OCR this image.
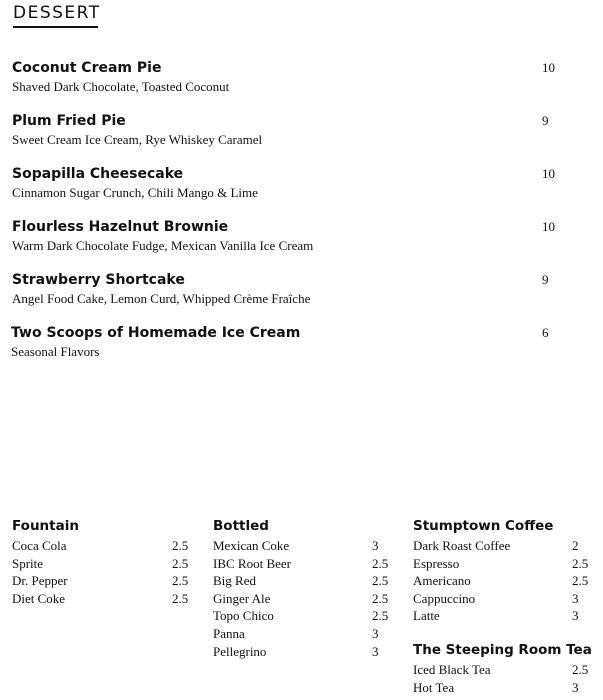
DESSERT
Coconut Cream Pie
Shaved Dark Chocolate, Toasted Coconut
10
Plum Fried Pie
Sweet Cream Ice Cream, Rye Whiskey Caramel
9
Sopapilla Cheesecake
Cinnamon Sugar Crunch, Chili Mango & Lime
10
Flourless Hazelnut Brownie
Warm Dark Chocolate Fudge, Mexican Vanilla Ice Cream
10
Strawberry Shortcake
Angel Food Cake, Lemon Curd, Whipped Crème Fraîche
9
Two Scoops of Homemade Ice Cream
Seasonal Flavors
6
Fountain
Coca Cola	2.5
Sprite	2.5
Dr. Pepper	2.5
Diet Coke	2.5
Bottled
Mexican Coke	3
IBC Root Beer	2.5
Big Red	2.5
Ginger Ale	2.5
Topo Chico	2.5
Panna	3
Pellegrino	3
Stumptown Coffee
Dark Roast Coffee	2
Espresso	2.5
Americano	2.5
Cappuccino	3
Latte	3
The Steeping Room Tea
Iced Black Tea	2.5
Hot Tea	3
